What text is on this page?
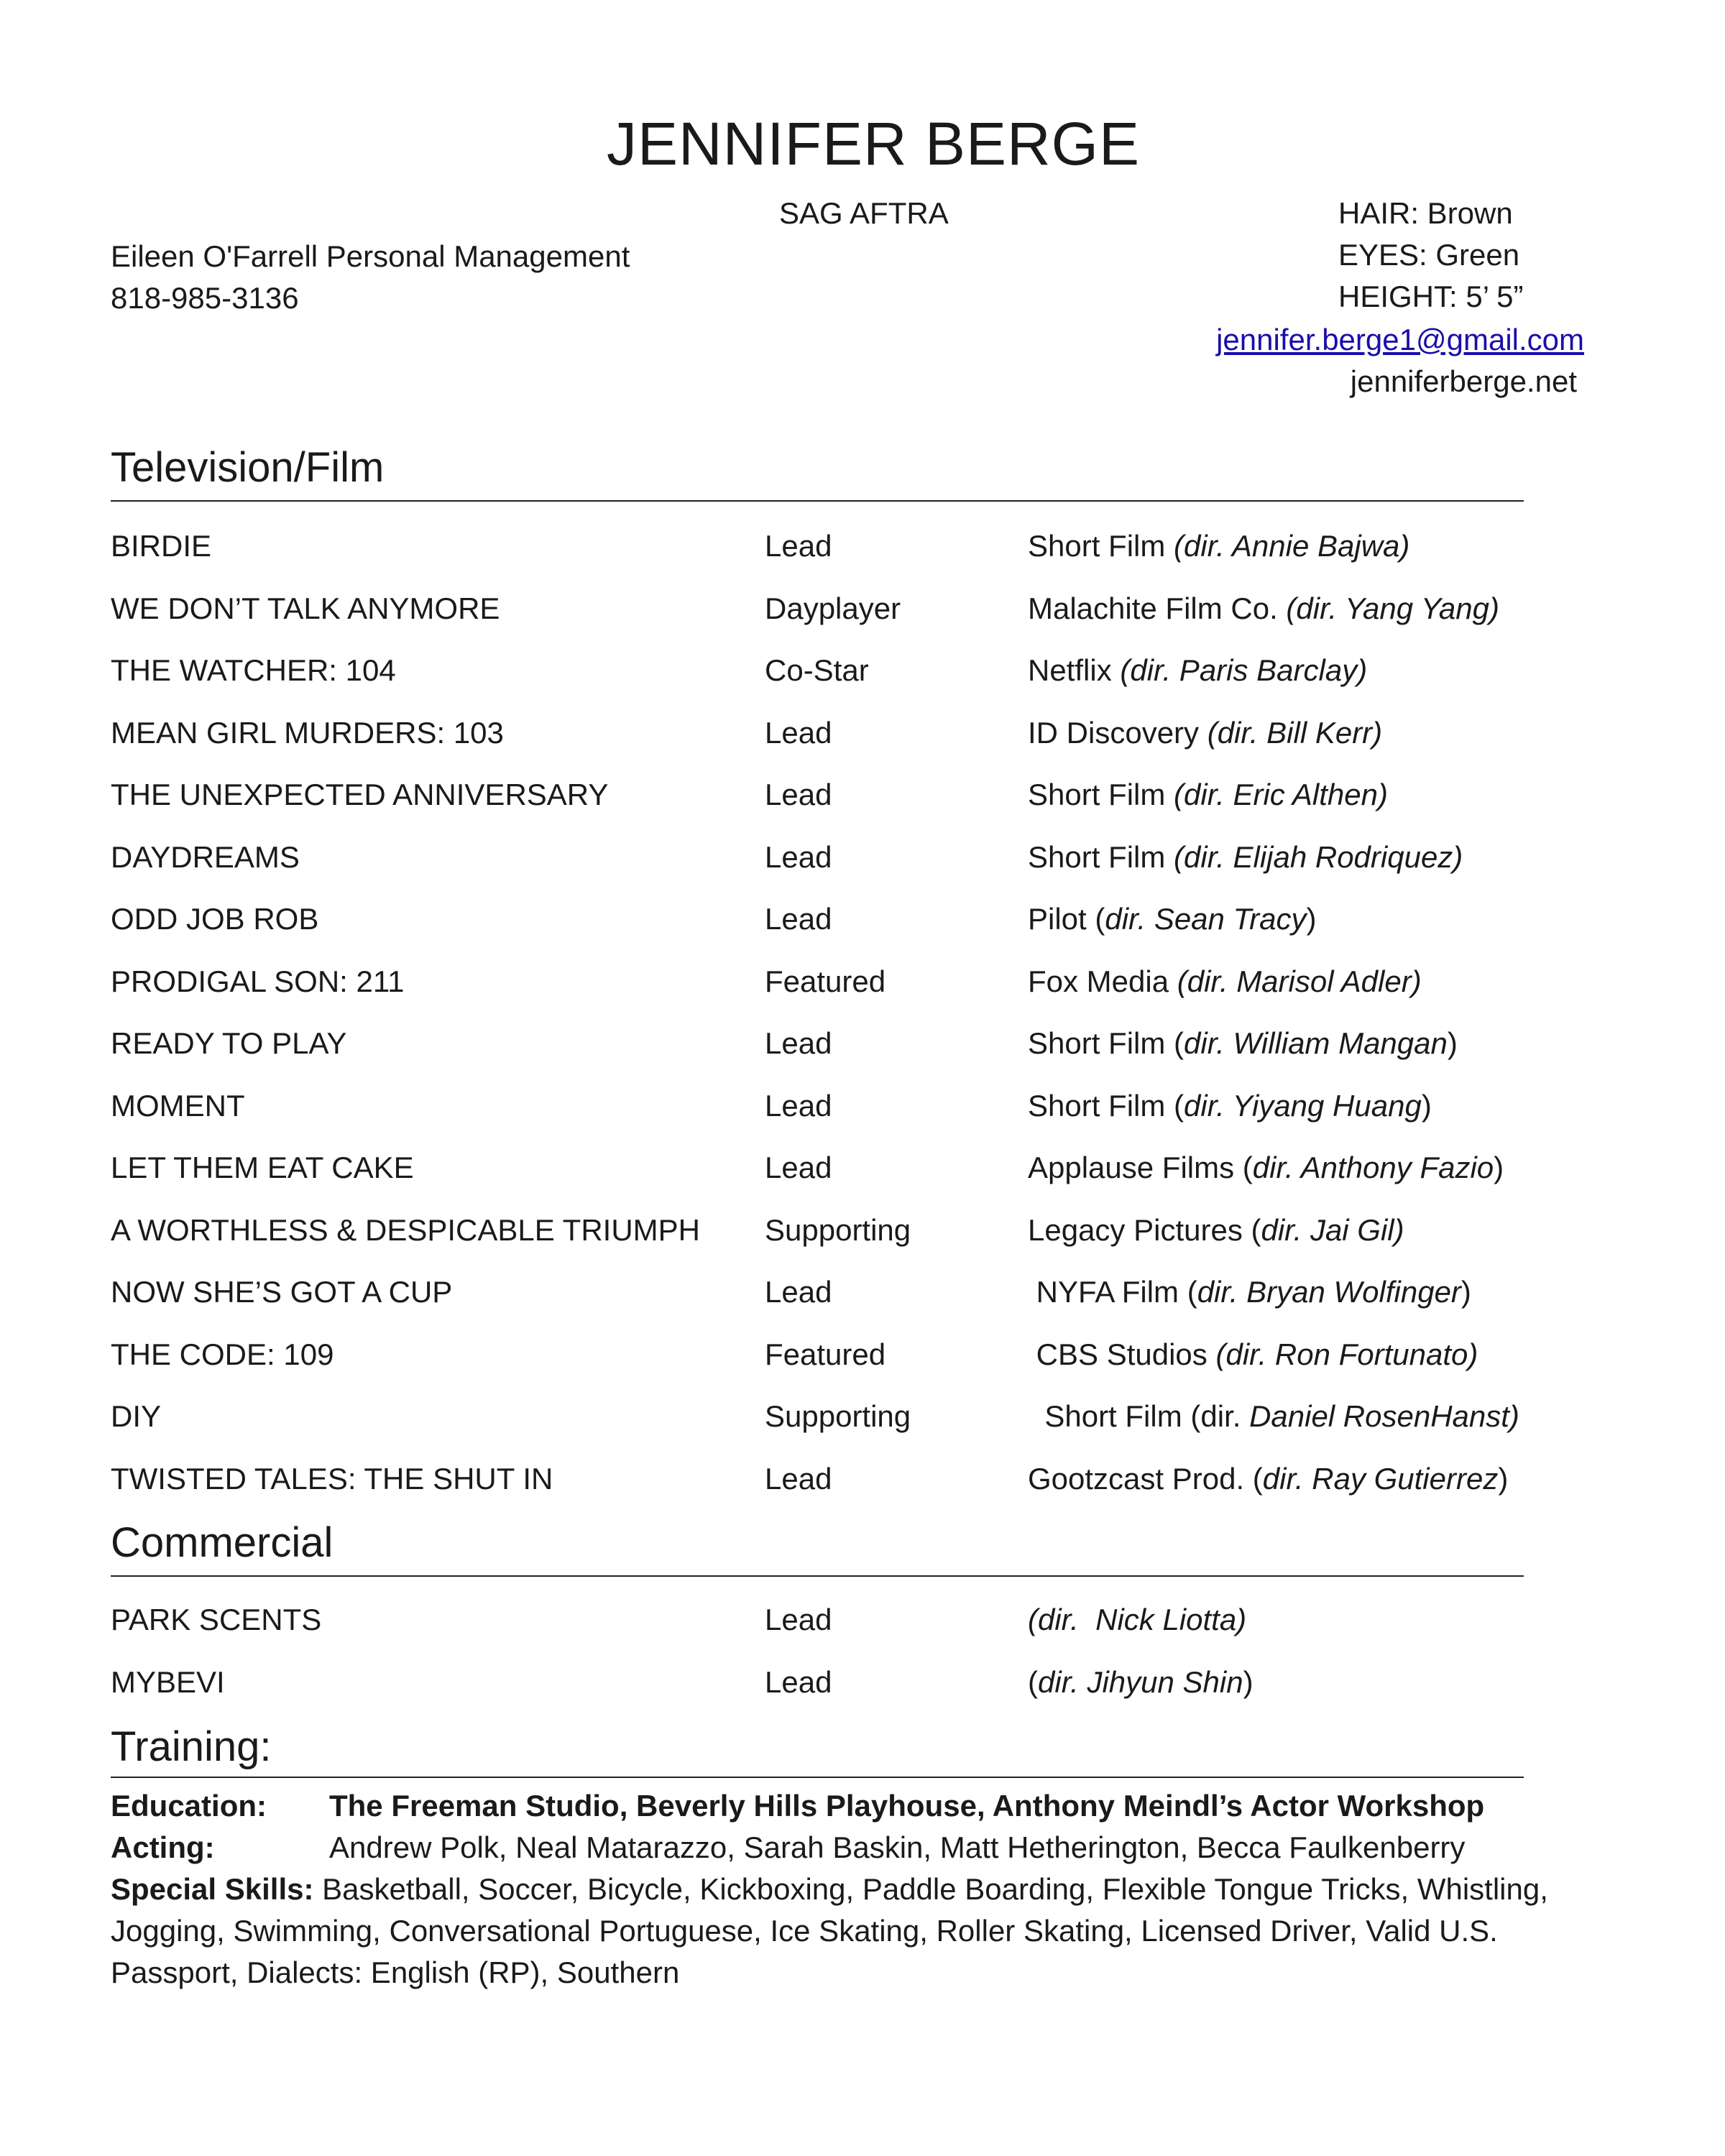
JENNIFER BERGE
SAG AFTRA
Eileen O'Farrell Personal Management
818-985-3136
HAIR: Brown
EYES: Green
HEIGHT: 5’ 5”
jennifer.berge1@gmail.com
jenniferberge.net
Television/Film
BIRDIE	Lead	Short Film (dir. Annie Bajwa)
WE DON’T TALK ANYMORE	Dayplayer	Malachite Film Co. (dir. Yang Yang)
THE WATCHER: 104	Co-Star	Netflix (dir. Paris Barclay)
MEAN GIRL MURDERS: 103	Lead	ID Discovery (dir. Bill Kerr)
THE UNEXPECTED ANNIVERSARY	Lead	Short Film (dir. Eric Althen)
DAYDREAMS	Lead	Short Film (dir. Elijah Rodriquez)
ODD JOB ROB	Lead	Pilot (dir. Sean Tracy)
PRODIGAL SON: 211	Featured	Fox Media (dir. Marisol Adler)
READY TO PLAY	Lead	Short Film (dir. William Mangan)
MOMENT	Lead	Short Film (dir. Yiyang Huang)
LET THEM EAT CAKE	Lead	Applause Films (dir. Anthony Fazio)
A WORTHLESS & DESPICABLE TRIUMPH Supporting	Legacy Pictures (dir. Jai Gil)
NOW SHE’S GOT A CUP	Lead	NYFA Film (dir. Bryan Wolfinger)
THE CODE: 109	Featured	CBS Studios (dir. Ron Fortunato)
DIY	Supporting	Short Film (dir. Daniel RosenHanst)
TWISTED TALES: THE SHUT IN	Lead	Gootzcast Prod. (dir. Ray Gutierrez)
Commercial
PARK SCENTS	Lead	(dir.  Nick Liotta)
MYBEVI	Lead	(dir. Jihyun Shin)
Training:
Education: The Freeman Studio, Beverly Hills Playhouse, Anthony Meindl’s Actor Workshop
Acting:	Andrew Polk, Neal Matarazzo, Sarah Baskin, Matt Hetherington, Becca Faulkenberry
Special Skills: Basketball, Soccer, Bicycle, Kickboxing, Paddle Boarding, Flexible Tongue Tricks, Whistling,
Jogging, Swimming, Conversational Portuguese, Ice Skating, Roller Skating, Licensed Driver, Valid U.S.
Passport, Dialects: English (RP), Southern
